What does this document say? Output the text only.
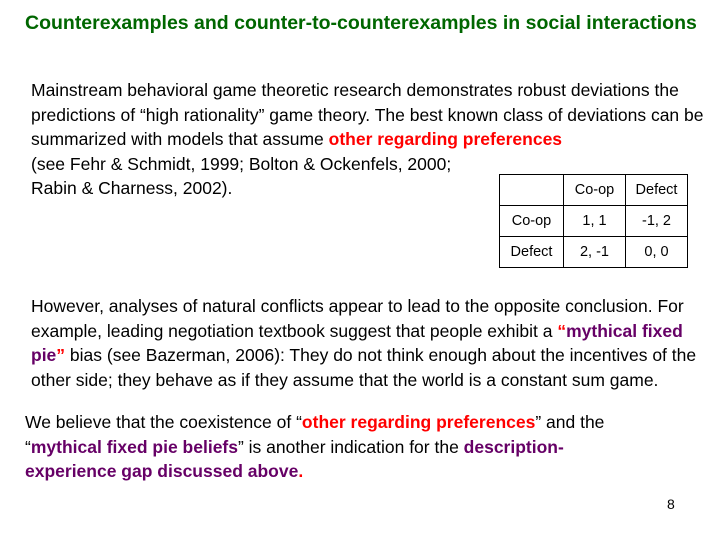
Counterexamples and counter-to-counterexamples in social interactions
Mainstream behavioral game theoretic research demonstrates robust deviations the predictions of “high rationality” game theory. The best known class of deviations can be summarized with models that assume other regarding preferences
(see Fehr & Schmidt, 1999; Bolton & Ockenfels, 2000;
Rabin & Charness, 2002).
		Co-op	Defect
Co-op	1, 1	-1, 2
Defect	2, -1	0, 0
However, analyses of natural conflicts appear to lead to the opposite conclusion. For example, leading negotiation textbook suggest that people exhibit a “mythical fixed pie” bias (see Bazerman, 2006): They do not think enough about the incentives of the other side; they behave as if they assume that the world is a constant sum game.
We believe that the coexistence of “other regarding preferences” and the “mythical fixed pie beliefs” is another indication for the description-experience gap discussed above.
8
